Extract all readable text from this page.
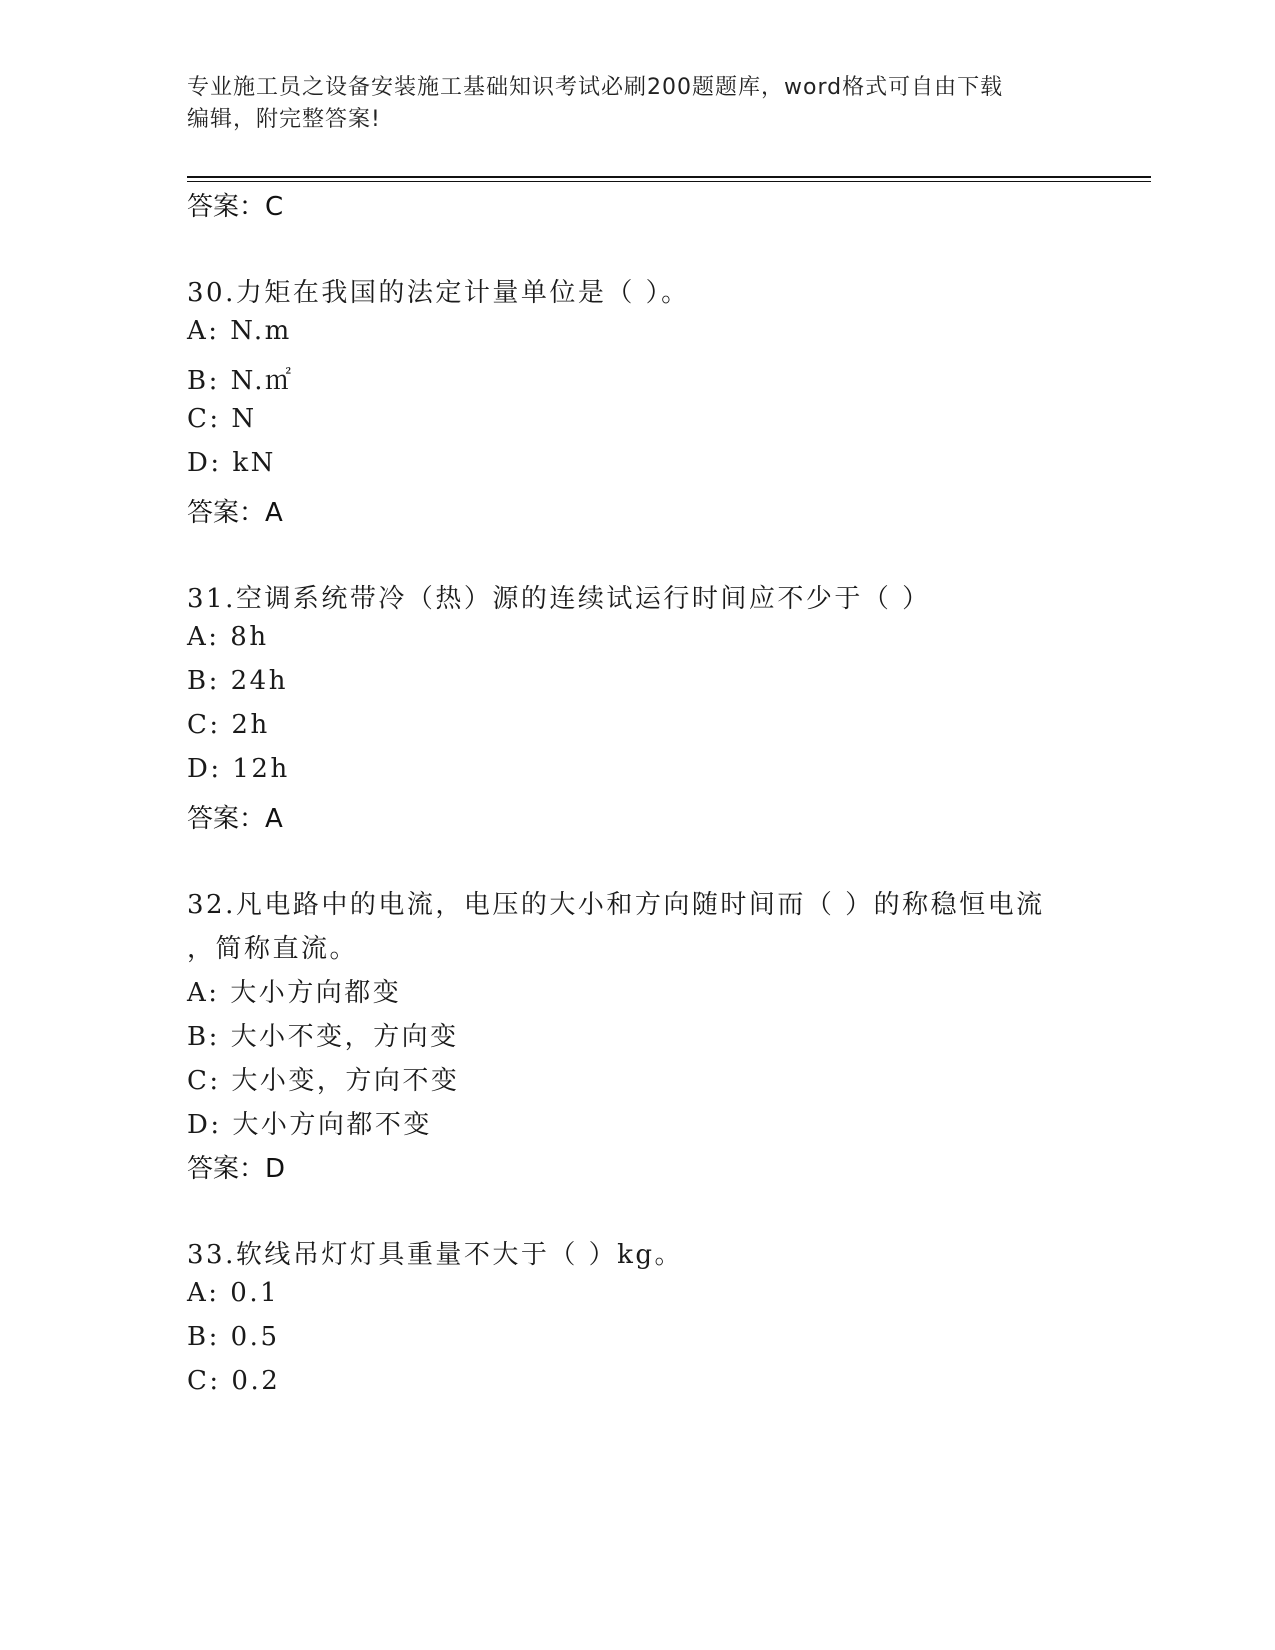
专业施工员之设备安装施工基础知识考试必刷200题题库，word格式可自由下载
编辑，附完整答案!
答案：C
30.力矩在我国的法定计量单位是（ ）。
A: N.m
B: N.㎡
C: N
D: kN
答案：A
31.空调系统带冷（热）源的连续试运行时间应不少于（ ）
A: 8h
B: 24h
C: 2h
D: 12h
答案：A
32.凡电路中的电流，电压的大小和方向随时间而（ ）的称稳恒电流
，简称直流。
A: 大小方向都变
B: 大小不变，方向变
C: 大小变，方向不变
D: 大小方向都不变
答案：D
33.软线吊灯灯具重量不大于（ ）kg。
A: 0.1
B: 0.5
C: 0.2
